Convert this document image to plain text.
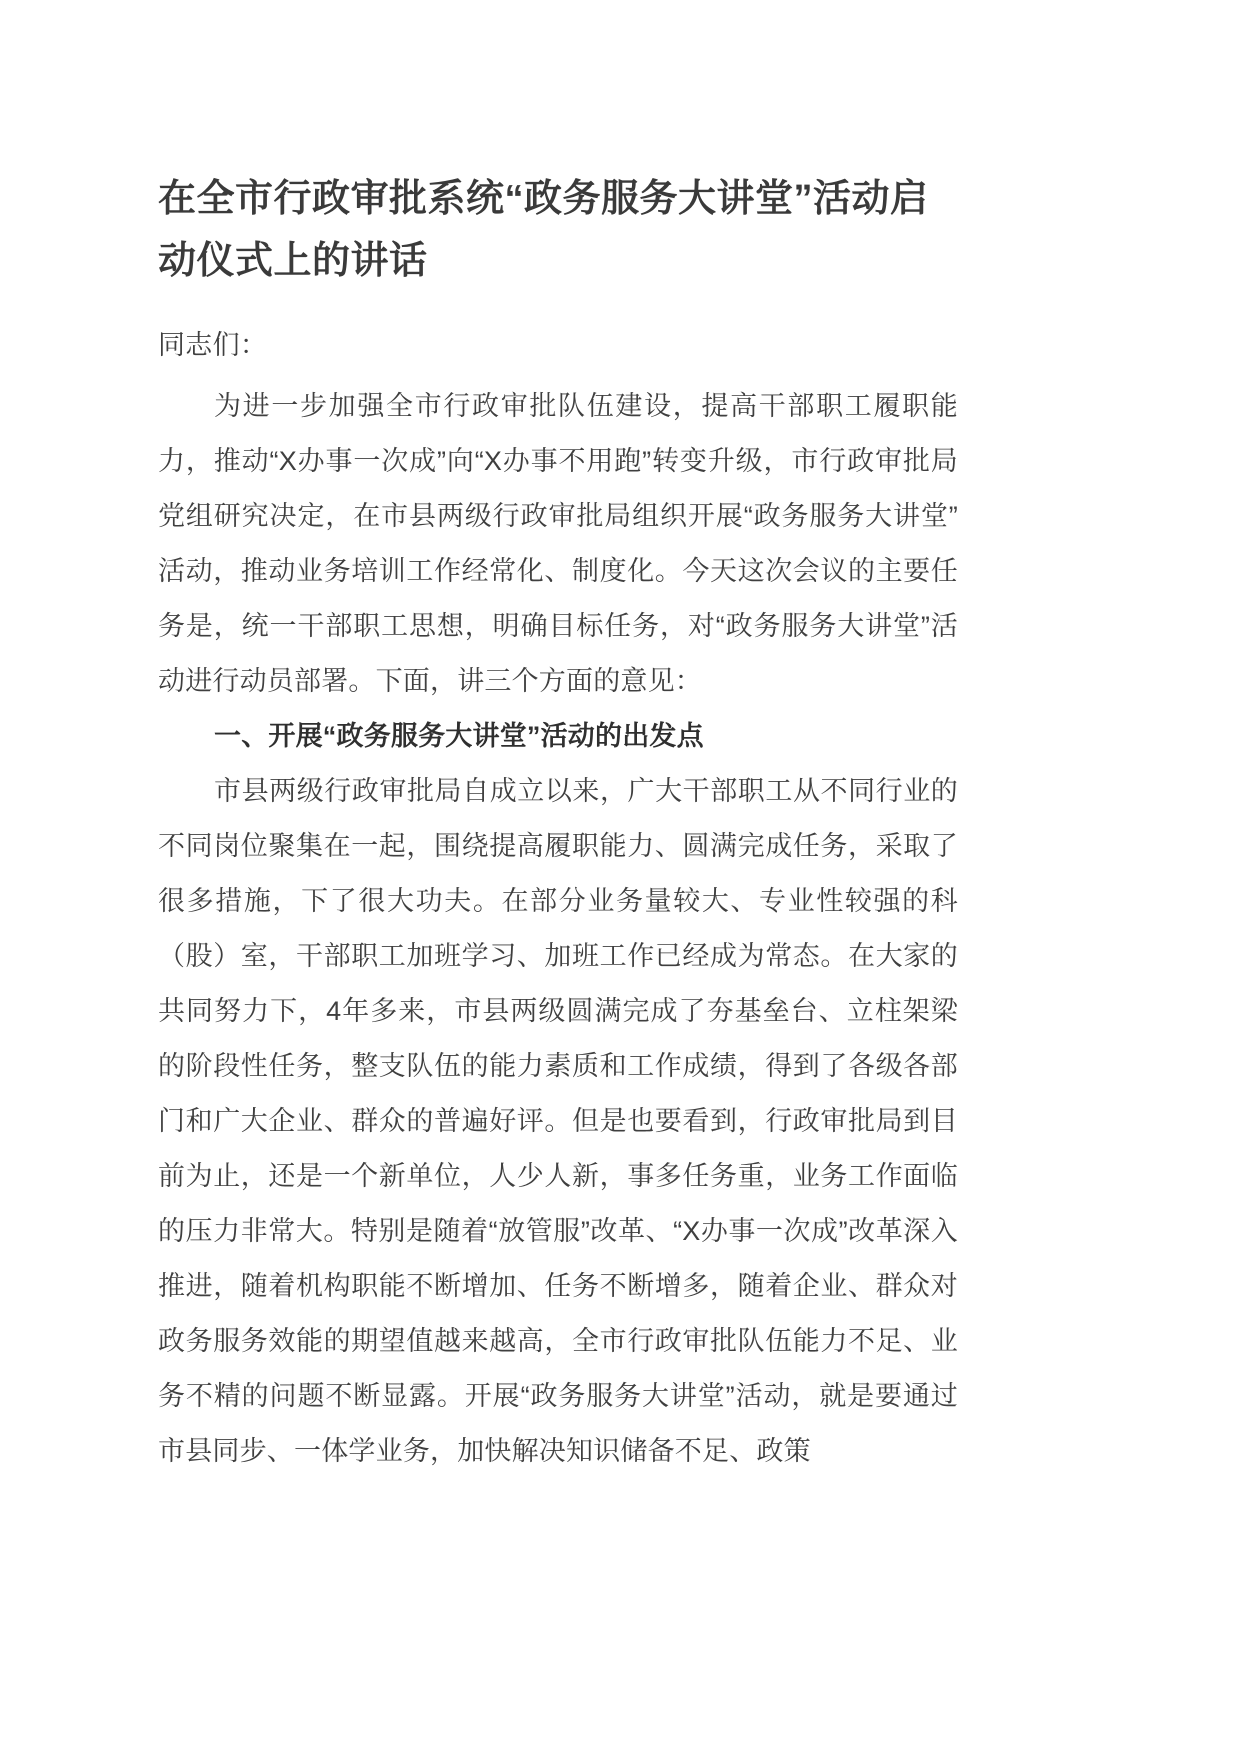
在全市行政审批系统“政务服务大讲堂”活动启动仪式上的讲话

同志们：

为进一步加强全市行政审批队伍建设，提高干部职工履职能力，推动“X办事一次成”向“X办事不用跑”转变升级，市行政审批局党组研究决定，在市县两级行政审批局组织开展“政务服务大讲堂”活动，推动业务培训工作经常化、制度化。今天这次会议的主要任务是，统一干部职工思想，明确目标任务，对“政务服务大讲堂”活动进行动员部署。下面，讲三个方面的意见：

一、开展“政务服务大讲堂”活动的出发点

市县两级行政审批局自成立以来，广大干部职工从不同行业的不同岗位聚集在一起，围绕提高履职能力、圆满完成任务，采取了很多措施，下了很大功夫。在部分业务量较大、专业性较强的科（股）室，干部职工加班学习、加班工作已经成为常态。在大家的共同努力下，4年多来，市县两级圆满完成了夯基垒台、立柱架梁的阶段性任务，整支队伍的能力素质和工作成绩，得到了各级各部门和广大企业、群众的普遍好评。但是也要看到，行政审批局到目前为止，还是一个新单位，人少人新，事多任务重，业务工作面临的压力非常大。特别是随着“放管服”改革、“X办事一次成”改革深入推进，随着机构职能不断增加、任务不断增多，随着企业、群众对政务服务效能的期望值越来越高，全市行政审批队伍能力不足、业务不精的问题不断显露。开展“政务服务大讲堂”活动，就是要通过市县同步、一体学业务，加快解决知识储备不足、政策
